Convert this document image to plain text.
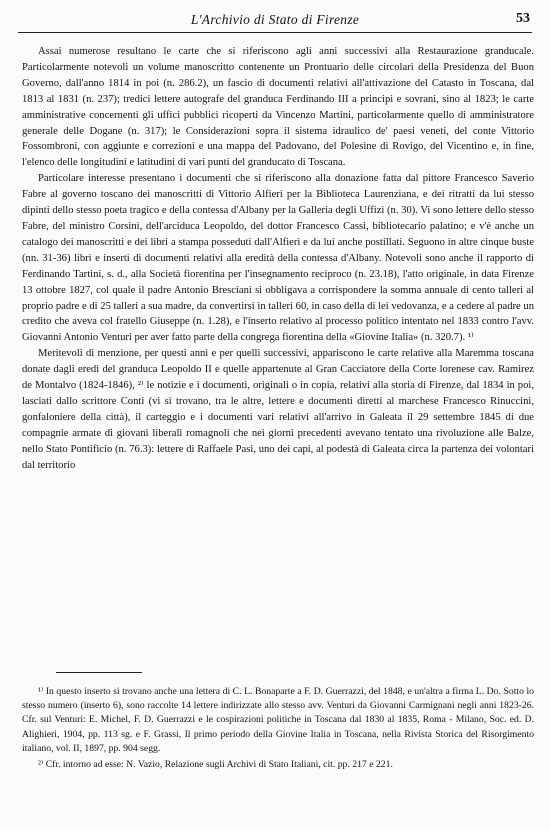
L'Archivio di Stato di Firenze	53

Assai numerose resultano le carte che si riferiscono agli anni successivi alla Restaurazione granducale. Particolarmente notevoli un volume manoscritto contenente un Prontuario delle circolari della Presidenza del Buon Governo, dall'anno 1814 in poi (n. 286.2), un fascio di documenti relativi all'attivazione del Catasto in Toscana, dal 1813 al 1831 (n. 237); tredici lettere autografe del granduca Ferdinando III a principi e sovrani, sino al 1823; le carte amministrative concernenti gli uffici pubblici ricoperti da Vincenzo Martini, particolarmente quello di amministratore generale delle Dogane (n. 317); le Considerazioni sopra il sistema idraulico de' paesi veneti, del conte Vittorio Fossombroni, con aggiunte e correzioni e una mappa del Padovano, del Polesine di Rovigo, del Vicentino e, in fine, l'elenco delle longitudini e latitudini di vari punti del granducato di Toscana.

Particolare interesse presentano i documenti che si riferiscono alla donazione fatta dal pittore Francesco Saverio Fabre al governo toscano dei manoscritti di Vittorio Alfieri per la Biblioteca Laurenziana, e dei ritratti da lui stesso dipinti dello stesso poeta tragico e della contessa d'Albany per la Galleria degli Uffizi (n. 30). Vi sono lettere dello stesso Fabre, del ministro Corsini, dell'arciduca Leopoldo, del dottor Francesco Cassi, bibliotecario palatino; e v'è anche un catalogo dei manoscritti e dei libri a stampa posseduti dall'Alfieri e da lui anche postillati. Seguono in altre cinque buste (nn. 31-36) libri e inserti di documenti relativi alla eredità della contessa d'Albany. Notevoli sono anche il rapporto di Ferdinando Tartini, s. d., alla Società fiorentina per l'insegnamento reciproco (n. 23.18), l'atto originale, in data Firenze 13 ottobre 1827, col quale il padre Antonio Bresciani si obbligava a corrispondere la somma annuale di cento talleri al proprio padre e di 25 talleri a sua madre, da convertirsi in talleri 60, in caso della di lei vedovanza, e a cedere al padre un credito che aveva col fratello Giuseppe (n. 1.28), e l'inserto relativo al processo politico intentato nel 1833 contro l'avv. Giovanni Antonio Venturi per aver fatto parte della congrega fiorentina della «Giovine Italia» (n. 320.7). ¹⁾

Meritevoli di menzione, per questi anni e per quelli successivi, appariscono le carte relative alla Maremma toscana donate dagli eredi del granduca Leopoldo II e quelle appartenute al Gran Cacciatore della Corte lorenese cav. Ramirez de Montalvo (1824-1846), ²⁾ le notizie e i documenti, originali o in copia, relativi alla storia di Firenze, dal 1834 in poi, lasciati dallo scrittore Conti (vi si trovano, tra le altre, lettere e documenti diretti al marchese Francesco Rinuccini, gonfaloniere della città), il carteggio e i documenti vari relativi all'arrivo in Galeata il 29 settembre 1845 di due compagnie armate di giovani liberali romagnoli che nei giorni precedenti avevano tentato una rivoluzione alle Balze, nello Stato Pontificio (n. 76.3): lettere di Raffaele Pasi, uno dei capi, al podestà di Galeata circa la partenza dei volontari dal territorio

¹⁾ In questo inserto si trovano anche una lettera di C. L. Bonaparte a F. D. Guerrazzi, del 1848, e un'altra a firma L. Do. Sotto lo stesso numero (inserto 6), sono raccolte 14 lettere indirizzate allo stesso avv. Venturi da Giovanni Carmignani negli anni 1823-26. Cfr. sul Venturi: E. Michel, F. D. Guerrazzi e le cospirazioni politiche in Toscana dal 1830 al 1835, Roma - Milano, Soc. ed. D. Alighieri, 1904, pp. 113 sg. e F. Grassi, Il primo periodo della Giovine Italia in Toscana, nella Rivista Storica del Risorgimento italiano, vol. II, 1897, pp. 904 segg.

²⁾ Cfr. intorno ad esse: N. Vazio, Relazione sugli Archivi di Stato Italiani, cit. pp. 217 e 221.
